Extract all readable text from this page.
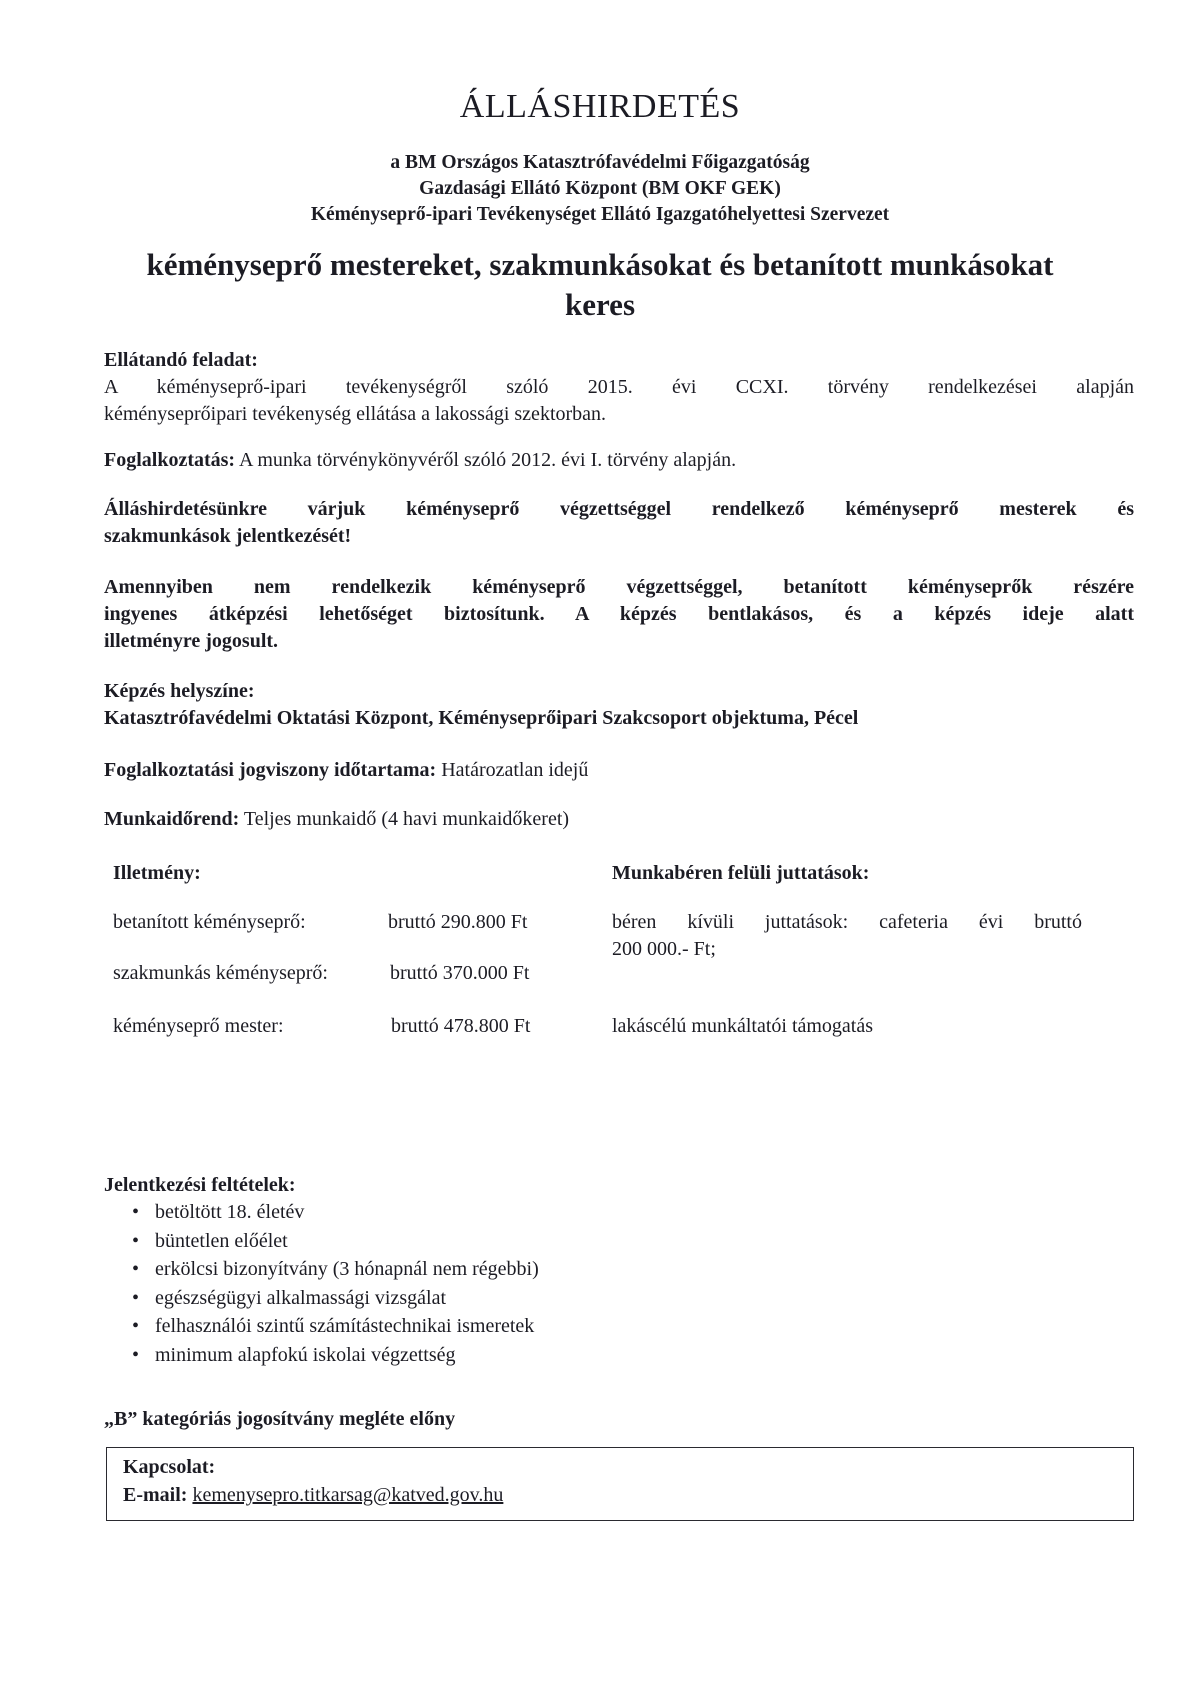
ÁLLÁSHIRDETÉS
a BM Országos Katasztrófavédelmi Főigazgatóság
Gazdasági Ellátó Központ (BM OKF GEK)
Kéményseprő-ipari Tevékenységet Ellátó Igazgatóhelyettesi Szervezet
kéményseprő mestereket, szakmunkásokat és betanított munkásokat
keres
Ellátandó feladat:
A kéményseprő-ipari tevékenységről szóló 2015. évi CCXI. törvény rendelkezései alapján
kéményseprőipari tevékenység ellátása a lakossági szektorban.
Foglalkoztatás: A munka törvénykönyvéről szóló 2012. évi I. törvény alapján.
Álláshirdetésünkre várjuk kéményseprő végzettséggel rendelkező kéményseprő mesterek és
szakmunkások jelentkezését!
Amennyiben nem rendelkezik kéményseprő végzettséggel, betanított kéményseprők részére
ingyenes átképzési lehetőséget biztosítunk. A képzés bentlakásos, és a képzés ideje alatt
illetményre jogosult.
Képzés helyszíne:
Katasztrófavédelmi Oktatási Központ, Kéményseprőipari Szakcsoport objektuma, Pécel
Foglalkoztatási jogviszony időtartama: Határozatlan idejű
Munkaidőrend: Teljes munkaidő (4 havi munkaidőkeret)
Illetmény:
betanított kéményseprő:	bruttó 290.800 Ft
szakmunkás kéményseprő:	bruttó 370.000 Ft
kéményseprő mester:	bruttó 478.800 Ft
Munkabéren felüli juttatások:
béren kívüli juttatások: cafeteria évi bruttó
200 000.- Ft;
lakáscélú munkáltatói támogatás
Jelentkezési feltételek:
• betöltött 18. életév
• büntetlen előélet
• erkölcsi bizonyítvány (3 hónapnál nem régebbi)
• egészségügyi alkalmassági vizsgálat
• felhasználói szintű számítástechnikai ismeretek
• minimum alapfokú iskolai végzettség
„B” kategóriás jogosítvány megléte előny
Kapcsolat:
E-mail: kemenysepro.titkarsag@katved.gov.hu
